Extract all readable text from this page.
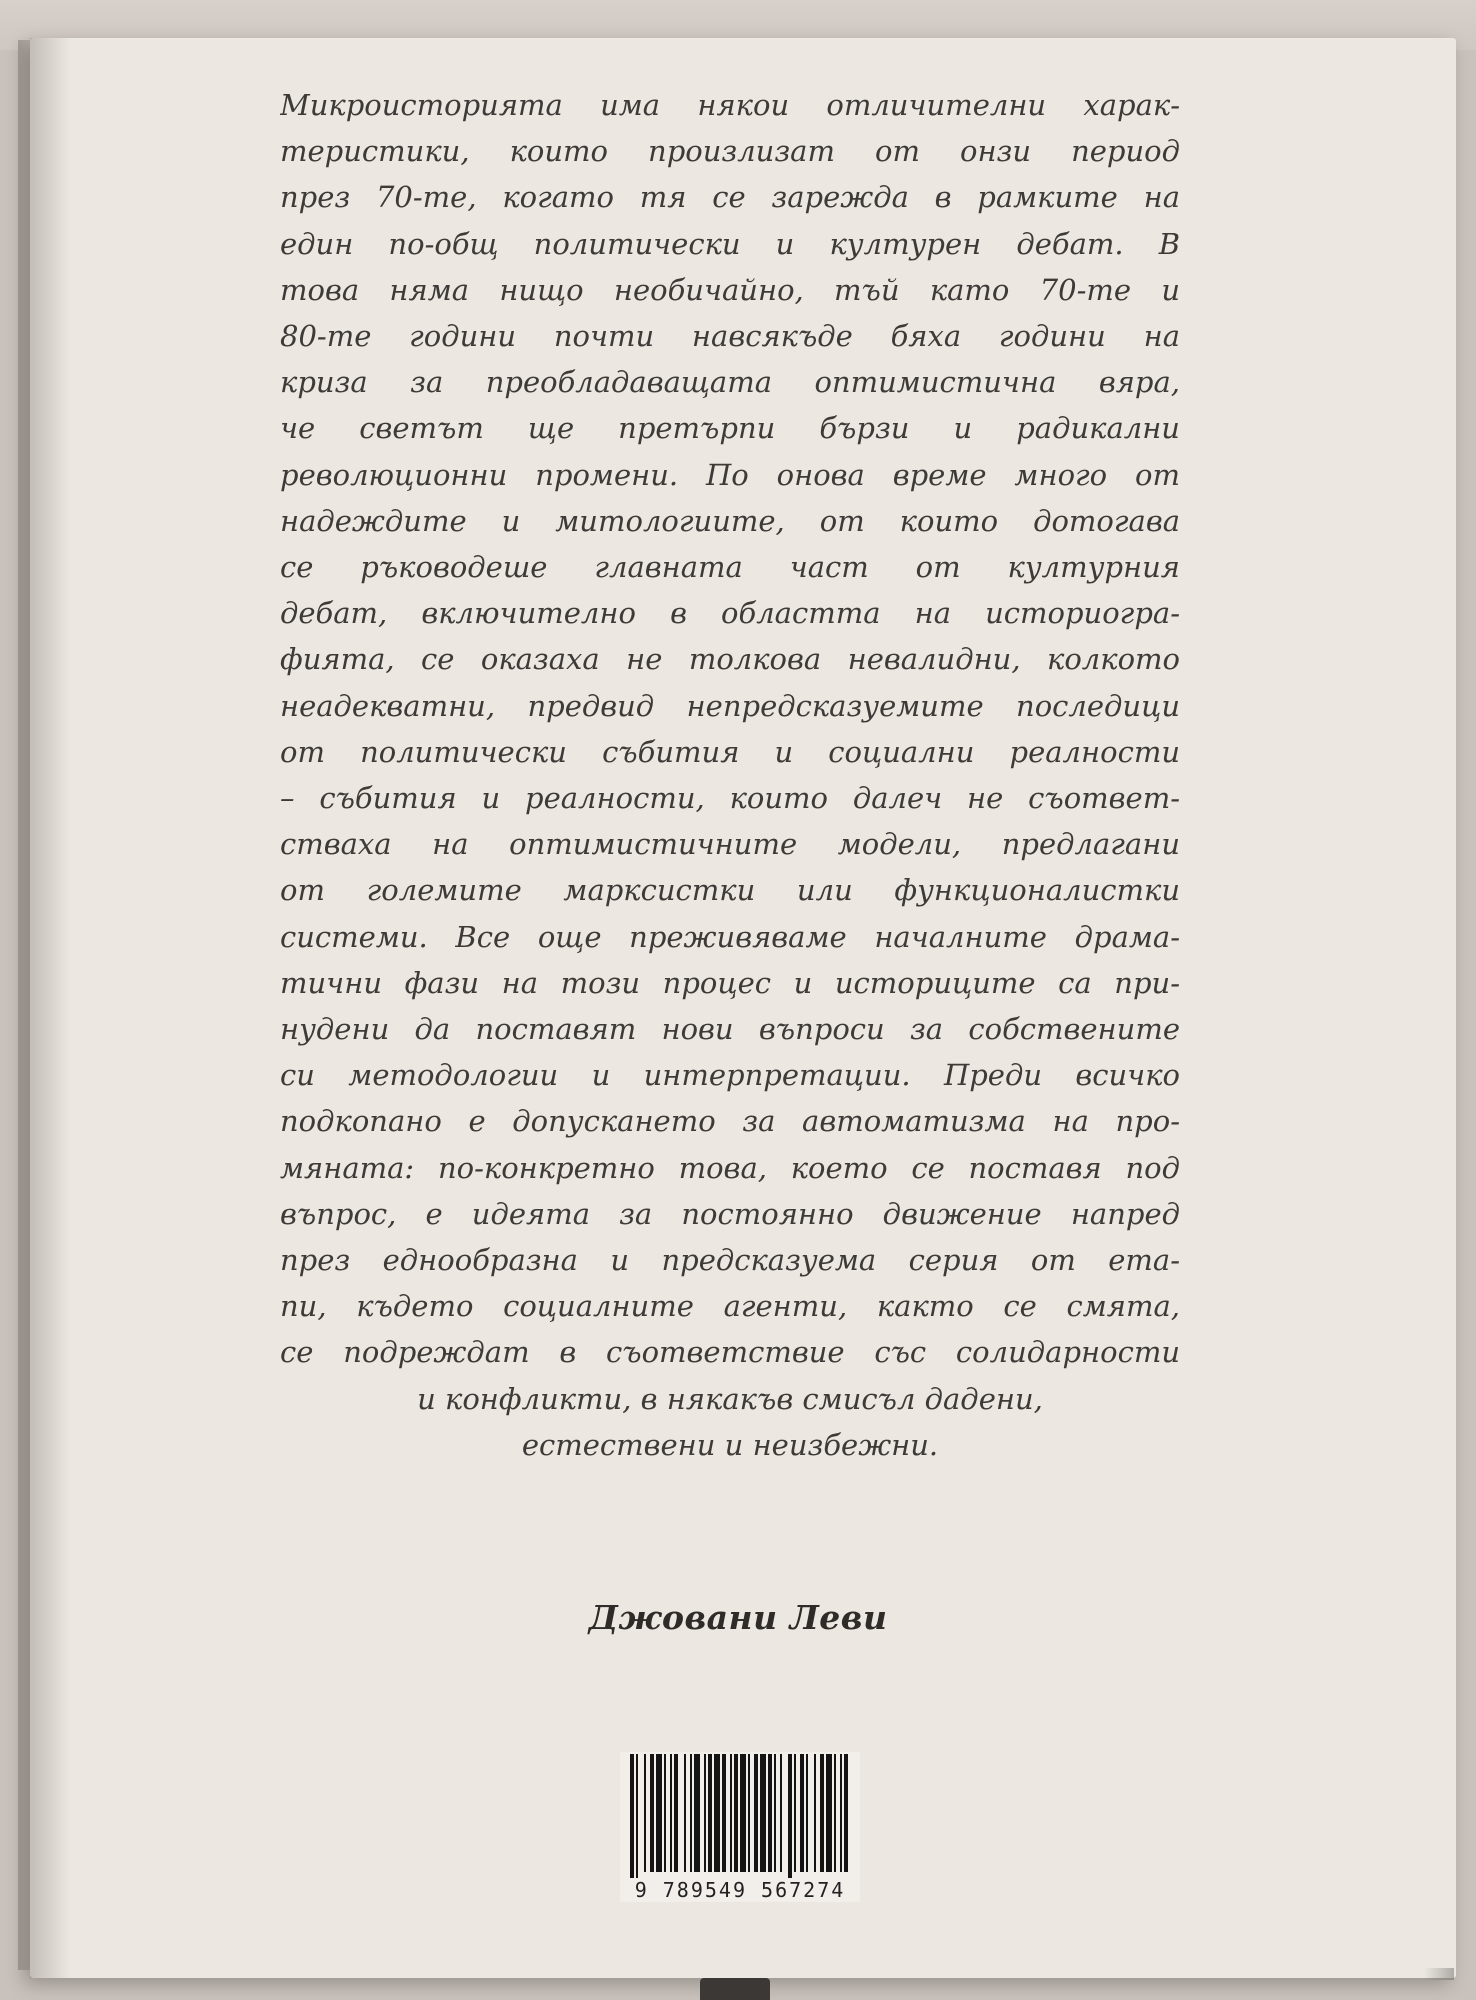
Микроисторията има някои отличителни харак-
теристики, които произлизат от онзи период
през 70-те, когато тя се зарежда в рамките на
един по-общ политически и културен дебат. В
това няма нищо необичайно, тъй като 70-те и
80-те години почти навсякъде бяха години на
криза за преобладаващата оптимистична вяра,
че светът ще претърпи бързи и радикални
революционни промени. По онова време много от
надеждите и митологиите, от които дотогава
се ръководеше главната част от културния
дебат, включително в областта на историогра-
фията, се оказаха не толкова невалидни, колкото
неадекватни, предвид непредсказуемите последици
от политически събития и социални реалности
– събития и реалности, които далеч не съответ-
стваха на оптимистичните модели, предлагани
от големите марксистки или функционалистки
системи. Все още преживяваме началните драма-
тични фази на този процес и историците са при-
нудени да поставят нови въпроси за собствените
си методологии и интерпретации. Преди всичко
подкопано е допускането за автоматизма на про-
мяната: по-конкретно това, което се поставя под
въпрос, е идеята за постоянно движение напред
през еднообразна и предсказуема серия от ета-
пи, където социалните агенти, както се смята,
се подреждат в съответствие със солидарности
и конфликти, в някакъв смисъл дадени,
естествени и неизбежни.
Джовани Леви
9 789549 567274
